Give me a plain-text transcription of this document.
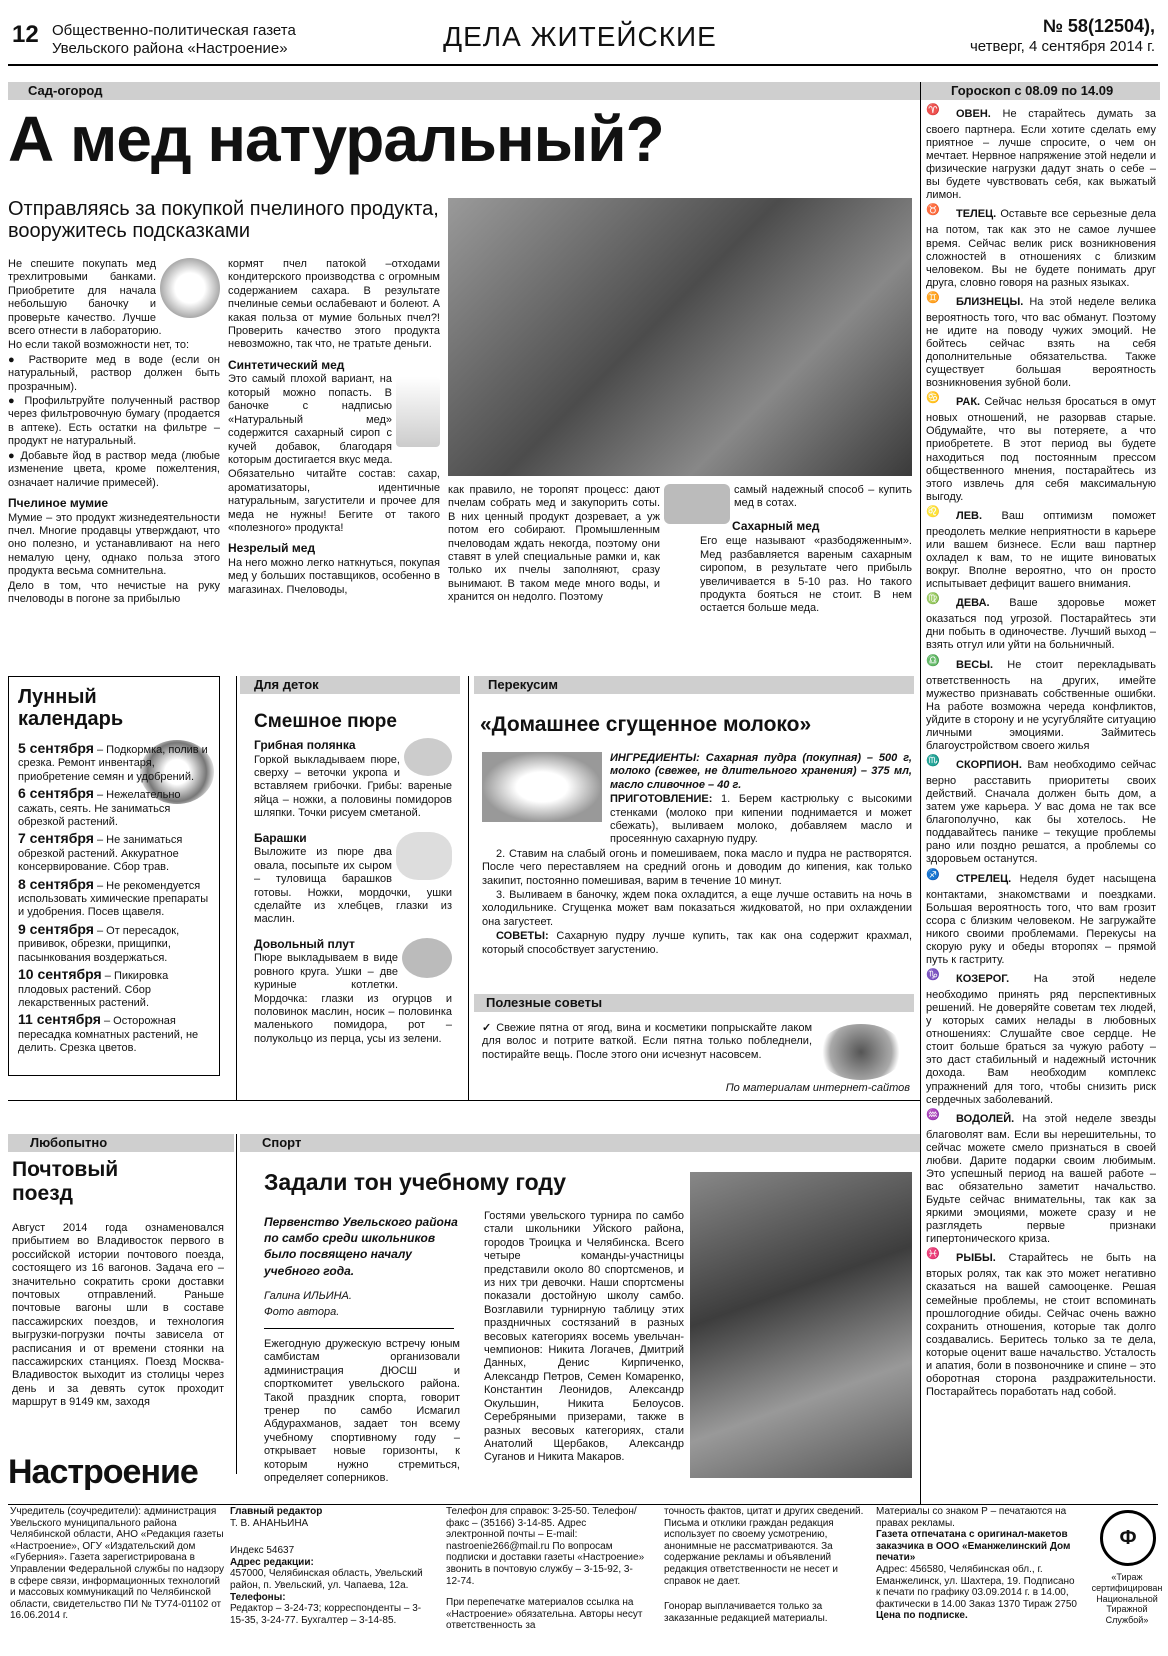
12 Общественно-политическая газета
Увельского района «Настроение»	ДЕЛА ЖИТЕЙСКИЕ	№ 58(12504),
четверг, 4 сентября 2014 г.
Сад-огород
А мед натуральный?
Отправляясь за покупкой пчелиного продукта, вооружитесь подсказками

Не спешите покупать мед трехлитровыми банками. Приобретите для начала небольшую баночку и проверьте качество. Лучше всего отнести в лабораторию.

Но если такой возможности нет, то:

● Растворите мед в воде (если он натуральный, раствор должен быть прозрачным).

● Профильтруйте полученный раствор через фильтровочную бумагу (продается в аптеке). Есть остатки на фильтре – продукт не натуральный.

● Добавьте йод в раствор меда (любые изменение цвета, кроме пожелтения, означает наличие примесей).

Пчелиное мумие

Мумие – это продукт жизнедеятельности пчел. Многие продавцы утверждают, что оно полезно, и устанавливают на него немалую цену, однако польза этого продукта весьма сомнительна.

Дело в том, что нечистые на руку пчеловоды в погоне за прибылью

кормят пчел патокой –отходами кондитерского производства с огромным содержанием сахара. В результате пчелиные семьи ослабевают и болеют. А какая польза от мумие больных пчел?! Проверить качество этого продукта невозможно, так что, не тратьте деньги.

Синтетический мед

Это самый плохой вариант, на который можно попасть. В баночке с надписью «Натуральный мед» содержится сахарный сироп с кучей добавок, благодаря которым достигается вкус меда.

Обязательно читайте состав: сахар, ароматизаторы, идентичные натуральным, загустители и прочее для меда не нужны! Бегите от такого «полезного» продукта!

Незрелый мед

На него можно легко наткнуться, покупая мед у больших поставщиков, особенно в магазинах. Пчеловоды,

как правило, не торопят процесс: дают пчелам собрать мед и закупорить соты. В них ценный продукт дозревает, а уж потом его собирают. Промышленным пчеловодам ждать некогда, поэтому они ставят в улей специальные рамки и, как только их пчелы заполняют, сразу вынимают. В таком меде много воды, и хранится он недолго. Поэтому

самый надежный способ – купить мед в сотах.

Сахарный мед

Его еще называют «разбодяженным». Мед разбавляется вареным сахарным сиропом, в результате чего прибыль увеличивается в 5-10 раз. Но такого продукта бояться не стоит. В нем остается больше меда.

Гороскоп с 08.09 по 14.09

♈ ОВЕН. Не старайтесь думать за своего партнера. Если хотите сделать ему приятное – лучше спросите, о чем он мечтает. Нервное напряжение этой недели и физические нагрузки дадут знать о себе – вы будете чувствовать себя, как выжатый лимон.

♉ ТЕЛЕЦ. Оставьте все серьезные дела на потом, так как это не самое лучшее время. Сейчас велик риск возникновения сложностей в отношениях с близким человеком. Вы не будете понимать друг друга, словно говоря на разных языках.

♊ БЛИЗНЕЦЫ. На этой неделе велика вероятность того, что вас обманут. Поэтому не идите на поводу чужих эмоций. Не бойтесь сейчас взять на себя дополнительные обязательства. Также существует большая вероятность возникновения зубной боли.

♋ РАК. Сейчас нельзя бросаться в омут новых отношений, не разорвав старые. Обдумайте, что вы потеряете, а что приобретете. В этот период вы будете находиться под постоянным прессом общественного мнения, постарайтесь из этого извлечь для себя максимальную выгоду.

♌ ЛЕВ. Ваш оптимизм поможет преодолеть мелкие неприятности в карьере или вашем бизнесе. Если ваш партнер охладел к вам, то не ищите виноватых вокруг. Вполне вероятно, что он просто испытывает дефицит вашего внимания.

♍ ДЕВА. Ваше здоровье может оказаться под угрозой. Постарайтесь эти дни побыть в одиночестве. Лучший выход – взять отгул или уйти на больничный.

♎ ВЕСЫ. Не стоит перекладывать ответственность на других, имейте мужество признавать собственные ошибки. На работе возможна череда конфликтов, уйдите в сторону и не усугубляйте ситуацию личными эмоциями. Займитесь благоустройством своего жилья

♏ СКОРПИОН. Вам необходимо сейчас верно расставить приоритеты своих действий. Сначала должен быть дом, а затем уже карьера. У вас дома не так все благополучно, как бы хотелось. Не поддавайтесь панике – текущие проблемы рано или поздно решатся, а проблемы со здоровьем останутся.

♐ СТРЕЛЕЦ. Неделя будет насыщена контактами, знакомствами и поездками. Большая вероятность того, что вам грозит ссора с близким человеком. Не загружайте никого своими проблемами. Перекусы на скорую руку и обеды второпях – прямой путь к гастриту.

♑ КОЗЕРОГ. На этой неделе необходимо принять ряд перспективных решений. Не доверяйте советам тех людей, у которых самих нелады в любовных отношениях: Слушайте свое сердце. Не стоит больше браться за чужую работу – это даст стабильный и надежный источник дохода. Вам необходим комплекс упражнений для того, чтобы снизить риск сердечных заболеваний.

♒ ВОДОЛЕЙ. На этой неделе звезды благоволят вам. Если вы нерешительны, то сейчас можете смело признаться в своей любви. Дарите подарки своим любимым. Это успешный период на вашей работе – вас обязательно заметит начальство. Будьте сейчас внимательны, так как за яркими эмоциями, можете сразу и не разглядеть первые признаки гипертонического криза.

♓ РЫБЫ. Старайтесь не быть на вторых ролях, так как это может негативно сказаться на вашей самооценке. Решая семейные проблемы, не стоит вспоминать прошлогодние обиды. Сейчас очень важно сохранить отношения, которые так долго создавались. Беритесь только за те дела, которые оценит ваше начальство. Усталость и апатия, боли в позвоночнике и спине – это оборотная сторона раздражительности. Постарайтесь поработать над собой.

Лунный календарь

5 сентября – Подкормка, полив и срезка. Ремонт инвентаря, приобретение семян и удобрений.

6 сентября – Нежелательно сажать, сеять. Не заниматься обрезкой растений.

7 сентября – Не заниматься обрезкой растений. Аккуратное консервирование. Сбор трав.

8 сентября – Не рекомендуется использовать химические препараты и удобрения. Посев щавеля.

9 сентября – От пересадок, прививок, обрезки, прищипки, пасынкования воздержаться.

10 сентября – Пикировка плодовых растений. Сбор лекарственных растений.

11 сентября – Осторожная пересадка комнатных растений, не делить. Срезка цветов.

Для деток
Смешное пюре

Грибная полянка

Горкой выкладываем пюре, сверху – веточки укропа и вставляем грибочки. Грибы: вареные яйца – ножки, а половины помидоров шляпки. Точки рисуем сметаной.

Барашки

Выложите из пюре два овала, посыпьте их сыром – туловища барашков готовы. Ножки, мордочки, ушки сделайте из хлебцев, глазки из маслин.

Довольный плут

Пюре выкладываем в виде ровного круга. Ушки – две куриные котлетки. Мордочка: глазки из огурцов и половинок маслин, носик – половинка маленького помидора, рот – полукольцо из перца, усы из зелени.

Перекусим
«Домашнее сгущенное молоко»

ИНГРЕДИЕНТЫ: Сахарная пудра (покупная) – 500 г, молоко (свежее, не длительного хранения) – 375 мл, масло сливочное – 40 г.

ПРИГОТОВЛЕНИЕ: 1. Берем кастрюльку с высокими стенками (молоко при кипении поднимается и может сбежать), выливаем молоко, добавляем масло и просеянную сахарную пудру.

2. Ставим на слабый огонь и помешиваем, пока масло и пудра не растворятся. После чего переставляем на средний огонь и доводим до кипения, как только закипит, постоянно помешивая, варим в течение 10 минут.

3. Выливаем в баночку, ждем пока охладится, а еще лучше оставить на ночь в холодильнике. Сгущенка может вам показаться жидковатой, но при охлаждении она загустеет.

СОВЕТЫ: Сахарную пудру лучше купить, так как она содержит крахмал, который способствует загустению.

Полезные советы

✓ Свежие пятна от ягод, вина и косметики попрыскайте лаком для волос и потрите ваткой. Если пятна только побледнели, постирайте вещь. После этого они исчезнут насовсем.

По материалам интернет-сайтов
Любопытно
Почтовый поезд
Август 2014 года ознаменовался прибытием во Владивосток первого в российской истории почтового поезда, состоящего из 16 вагонов. Задача его – значительно сократить сроки доставки почтовых отправлений. Раньше почтовые вагоны шли в составе пассажирских поездов, и технология выгрузки-погрузки почты зависела от расписания и от времени стоянки на пассажирских станциях. Поезд Москва-Владивосток выходит из столицы через день и за девять суток проходит маршрут в 9149 км, заходя
Спорт
Задали тон учебному году
Первенство Увельского района по самбо среди школьников было посвящено началу учебного года.
Галина ИЛЬИНА.
Фото автора.
Ежегодную дружескую встречу юным самбистам организовали администрация ДЮСШ и спорткомитет увельского района. Такой праздник спорта, говорит тренер по самбо Исмагил Абдурахманов, задает тон всему учебному спортивному году – открывает новые горизонты, к которым нужно стремиться, определяет соперников.
Гостями увельского турнира по самбо стали школьники Уйского района, городов Троицка и Челябинска. Всего четыре команды-участницы представили около 80 спортсменов, и из них три девочки. Наши спортсмены показали достойную школу самбо. Возглавили турнирную таблицу этих праздничных состязаний в разных весовых категориях восемь увельчан-чемпионов: Никита Логачев, Дмитрий Данных, Денис Кирпиченко, Александр Петров, Семен Комаренко, Константин Леонидов, Александр Окульшин, Никита Белоусов. Серебряными призерами, также в разных весовых категориях, стали Анатолий Щербаков, Александр Суганов и Никита Макаров.
Настроение
Учредитель (соучредители): администрация Увельского муниципального района Челябинской области, АНО «Редакция газеты «Настроение», ОГУ «Издательский дом «Губерния». Газета зарегистрирована в Управлении Федеральной службы по надзору в сфере связи, информационных технологий и массовых коммуникаций по Челябинской области, свидетельство ПИ № ТУ74-01102 от 16.06.2014 г.
Главный редактор
Т. В. АНАНЬИНА
Индекс 54637
Адрес редакции:
457000, Челябинская область, Увельский район, п. Увельский, ул. Чапаева, 12а.
Телефоны:
Редактор – 3-24-73; корреспонденты – 3-15-35, 3-24-77. Бухгалтер – 3-14-85.
Телефон для справок: 3-25-50. Телефон/факс – (35166) 3-14-85. Адрес электронной почты – E-mail: nastroenie266@mail.ru По вопросам подписки и доставки газеты «Настроение» звонить в почтовую службу – 3-15-92, 3-12-74.
При перепечатке материалов ссылка на «Настроение» обязательна. Авторы несут ответственность за
точность фактов, цитат и других сведений. Письма и отклики граждан редакция использует по своему усмотрению, анонимные не рассматриваются. За содержание рекламы и объявлений редакция ответственности не несет и справок не дает.
Гонорар выплачивается только за заказанные редакцией материалы.
Материалы со знаком Р – печатаются на правах рекламы.
Газета отпечатана с оригинал-макетов заказчика в ООО «Еманжелинский Дом печати»
Адрес: 456580, Челябинская обл., г. Еманжелинск, ул. Шахтера, 19. Подписано к печати по графику 03.09.2014 г. в 14.00, фактически в 14.00 Заказ 1370 Тираж 2750
Цена по подписке.
Ф
«Тираж сертифицирован Национальной Тиражной Службой»
